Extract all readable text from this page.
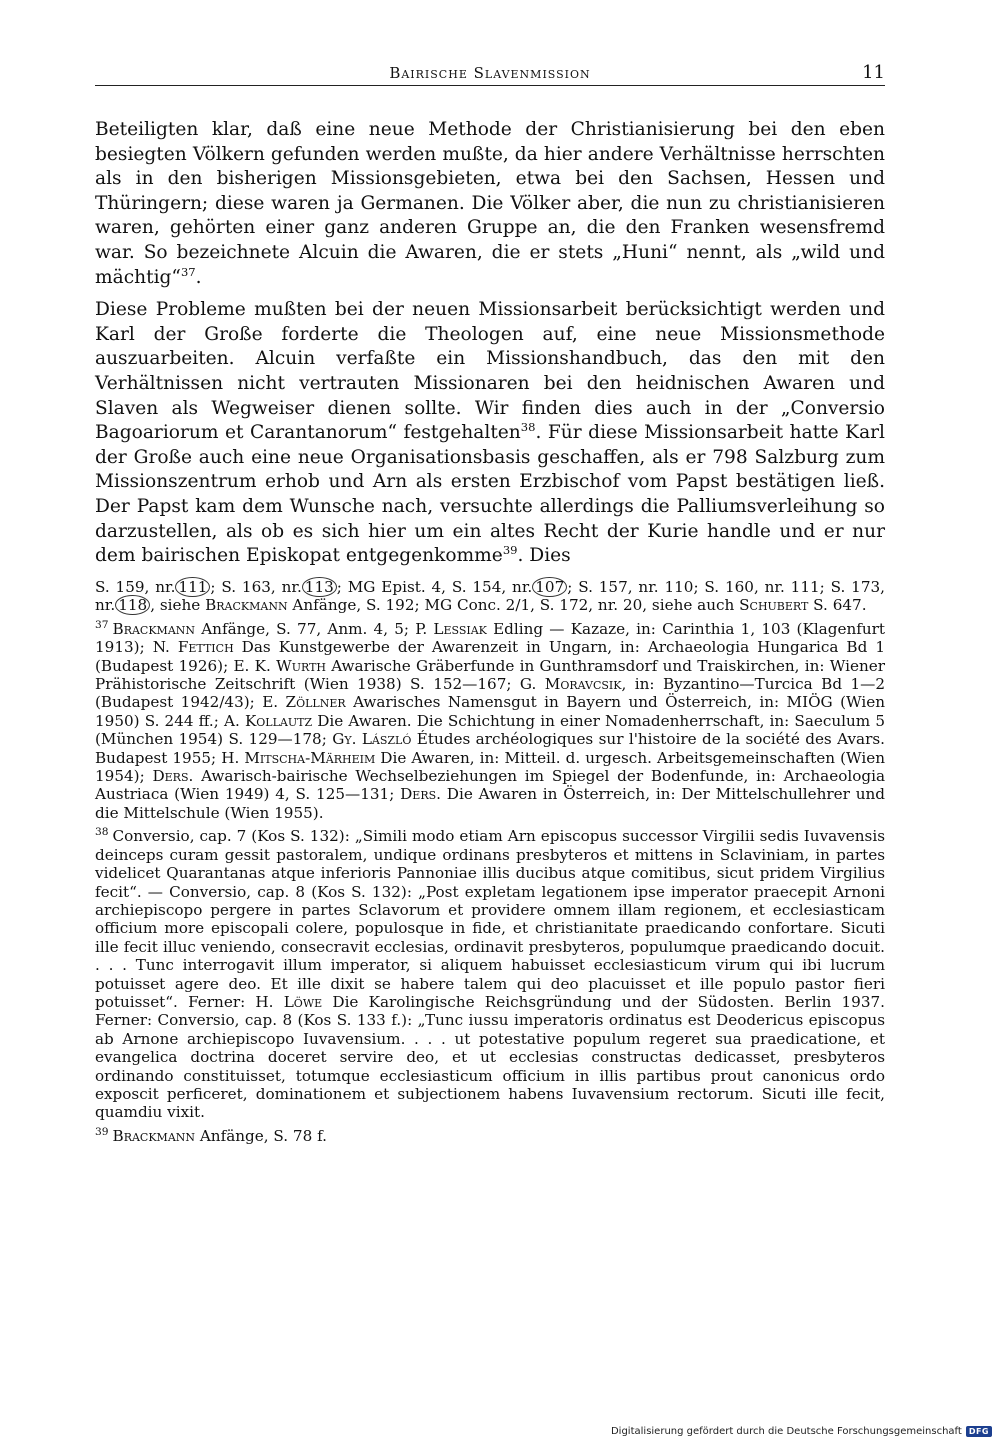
Bairische Slavenmission	11

Beteiligten klar, daß eine neue Methode der Christianisierung bei den eben besiegten Völkern gefunden werden mußte, da hier andere Verhältnisse herrschten als in den bisherigen Missionsgebieten, etwa bei den Sachsen, Hessen und Thüringern; diese waren ja Germanen. Die Völker aber, die nun zu christianisieren waren, gehörten einer ganz anderen Gruppe an, die den Franken wesensfremd war. So bezeichnete Alcuin die Awaren, die er stets „Huni“ nennt, als „wild und mächtig“$^{37}$.

Diese Probleme mußten bei der neuen Missionsarbeit berücksichtigt werden und Karl der Große forderte die Theologen auf, eine neue Missionsmethode auszuarbeiten. Alcuin verfaßte ein Missionshandbuch, das den mit den Verhältnissen nicht vertrauten Missionaren bei den heidnischen Awaren und Slaven als Wegweiser dienen sollte. Wir finden dies auch in der „Conversio Bagoariorum et Carantanorum“ festgehalten$^{38}$. Für diese Missionsarbeit hatte Karl der Große auch eine neue Organisationsbasis geschaffen, als er 798 Salzburg zum Missionszentrum erhob und Arn als ersten Erzbischof vom Papst bestätigen ließ. Der Papst kam dem Wunsche nach, versuchte allerdings die Palliumsverleihung so darzustellen, als ob es sich hier um ein altes Recht der Kurie handle und er nur dem bairischen Episkopat entgegenkomme$^{39}$. Dies

S. 159, nr. 111 ; S. 163, nr. 113 ; MG Epist. 4, S. 154, nr. 107 ; S. 157, nr. 110; S. 160, nr. 111; S. 173, nr. 118 , siehe Brackmann Anfänge, S. 192; MG Conc. 2/1, S. 172, nr. 20, siehe auch Schubert S. 647.
$^{37}$ Brackmann Anfänge, S. 77, Anm. 4, 5; P. Lessiak Edling — Kazaze, in: Carinthia 1, 103 (Klagenfurt 1913); N. Fettich Das Kunstgewerbe der Awarenzeit in Ungarn, in: Archaeologia Hungarica Bd 1 (Budapest 1926); E. K. Wurth Awarische Gräberfunde in Gunthramsdorf und Traiskirchen, in: Wiener Prähistorische Zeitschrift (Wien 1938) S. 152—167; G. Moravcsik, in: Byzantino—Turcica Bd 1—2 (Budapest 1942/43); E. Zöllner Awarisches Namensgut in Bayern und Österreich, in: MIÖG (Wien 1950) S. 244 ff.; A. Kollautz Die Awaren. Die Schichtung in einer Nomadenherrschaft, in: Saeculum 5 (München 1954) S. 129—178; Gy. László Études archéologiques sur l'histoire de la société des Avars. Budapest 1955; H. Mitscha-Märheim Die Awaren, in: Mitteil. d. urgesch. Arbeitsgemeinschaften (Wien 1954); Ders. Awarisch-bairische Wechselbeziehungen im Spiegel der Bodenfunde, in: Archaeologia Austriaca (Wien 1949) 4, S. 125—131; Ders. Die Awaren in Österreich, in: Der Mittelschullehrer und die Mittelschule (Wien 1955).
$^{38}$ Conversio, cap. 7 (Kos S. 132): „Simili modo etiam Arn episcopus successor Virgilii sedis Iuvavensis deinceps curam gessit pastoralem, undique ordinans presbyteros et mittens in Sclaviniam, in partes videlicet Quarantanas atque inferioris Pannoniae illis ducibus atque comitibus, sicut pridem Virgilius fecit“. — Conversio, cap. 8 (Kos S. 132): „Post expletam legationem ipse imperator praecepit Arnoni archiepiscopo pergere in partes Sclavorum et providere omnem illam regionem, et ecclesiasticam officium more episcopali colere, populosque in fide, et christianitate praedicando confortare. Sicuti ille fecit illuc veniendo, consecravit ecclesias, ordinavit presbyteros, populumque praedicando docuit. . . . Tunc interrogavit illum imperator, si aliquem habuisset ecclesiasticum virum qui ibi lucrum potuisset agere deo. Et ille dixit se habere talem qui deo placuisset et ille populo pastor fieri potuisset“. Ferner: H. Löwe Die Karolingische Reichsgründung und der Südosten. Berlin 1937. Ferner: Conversio, cap. 8 (Kos S. 133 f.): „Tunc iussu imperatoris ordinatus est Deodericus episcopus ab Arnone archiepiscopo Iuvavensium. . . . ut potestative populum regeret sua praedicatione, et evangelica doctrina doceret servire deo, et ut ecclesias constructas dedicasset, presbyteros ordinando constituisset, totumque ecclesiasticum officium in illis partibus prout canonicus ordo exposcit perficeret, dominationem et subjectionem habens Iuvavensium rectorum. Sicuti ille fecit, quamdiu vixit.
$^{39}$ Brackmann Anfänge, S. 78 f.
Digitalisierung gefördert durch die Deutsche Forschungsgemeinschaft DFG
